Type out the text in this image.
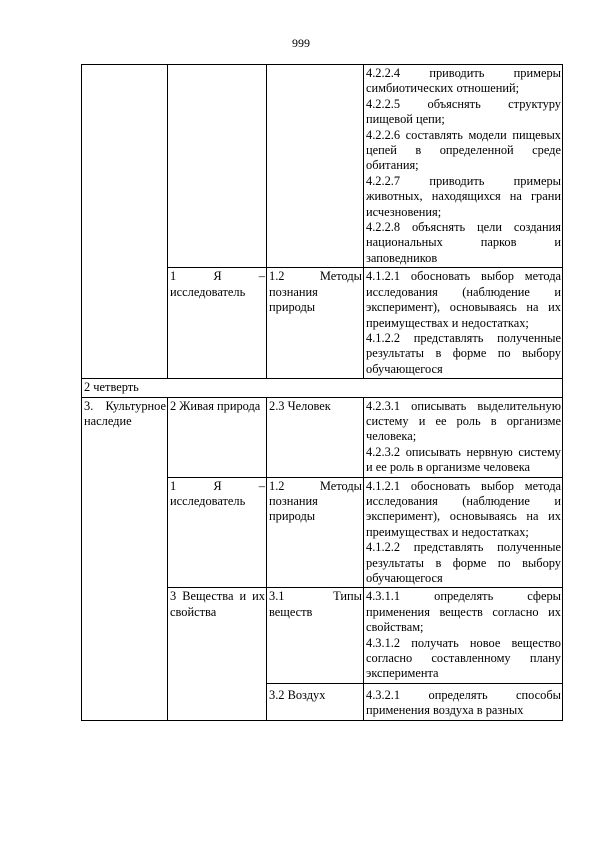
999

			4.2.2.4 приводить примеры симбиотических отношений;
4.2.2.5 объяснять структуру пищевой цепи;
4.2.2.6 составлять модели пищевых цепей в определенной среде обитания;
4.2.2.7 приводить примеры животных, находящихся на грани исчезновения;
4.2.2.8 объяснять цели создания национальных парков и заповедников

	1 Я – исследователь	1.2 Методы познания природы	4.1.2.1 обосновать выбор метода исследования (наблюдение и эксперимент), основываясь на их преимуществах и недостатках;
4.1.2.2 представлять полученные результаты в форме по выбору обучающегося

2 четверть			
3. Культурное наследие	2 Живая природа	2.3 Человек	4.2.3.1 описывать выделительную систему и ее роль в организме человека;
4.2.3.2 описывать нервную систему и ее роль в организме человека

	1 Я – исследователь	1.2 Методы познания природы	4.1.2.1 обосновать выбор метода исследования (наблюдение и эксперимент), основываясь на их преимуществах и недостатках;
4.1.2.2 представлять полученные результаты в форме по выбору обучающегося

	3 Вещества и их свойства	3.1 Типы веществ	4.3.1.1 определять сферы применения веществ согласно их свойствам;
4.3.1.2 получать новое вещество согласно составленному плану эксперимента

		3.2 Воздух	4.3.2.1 определять способы применения воздуха в разных
